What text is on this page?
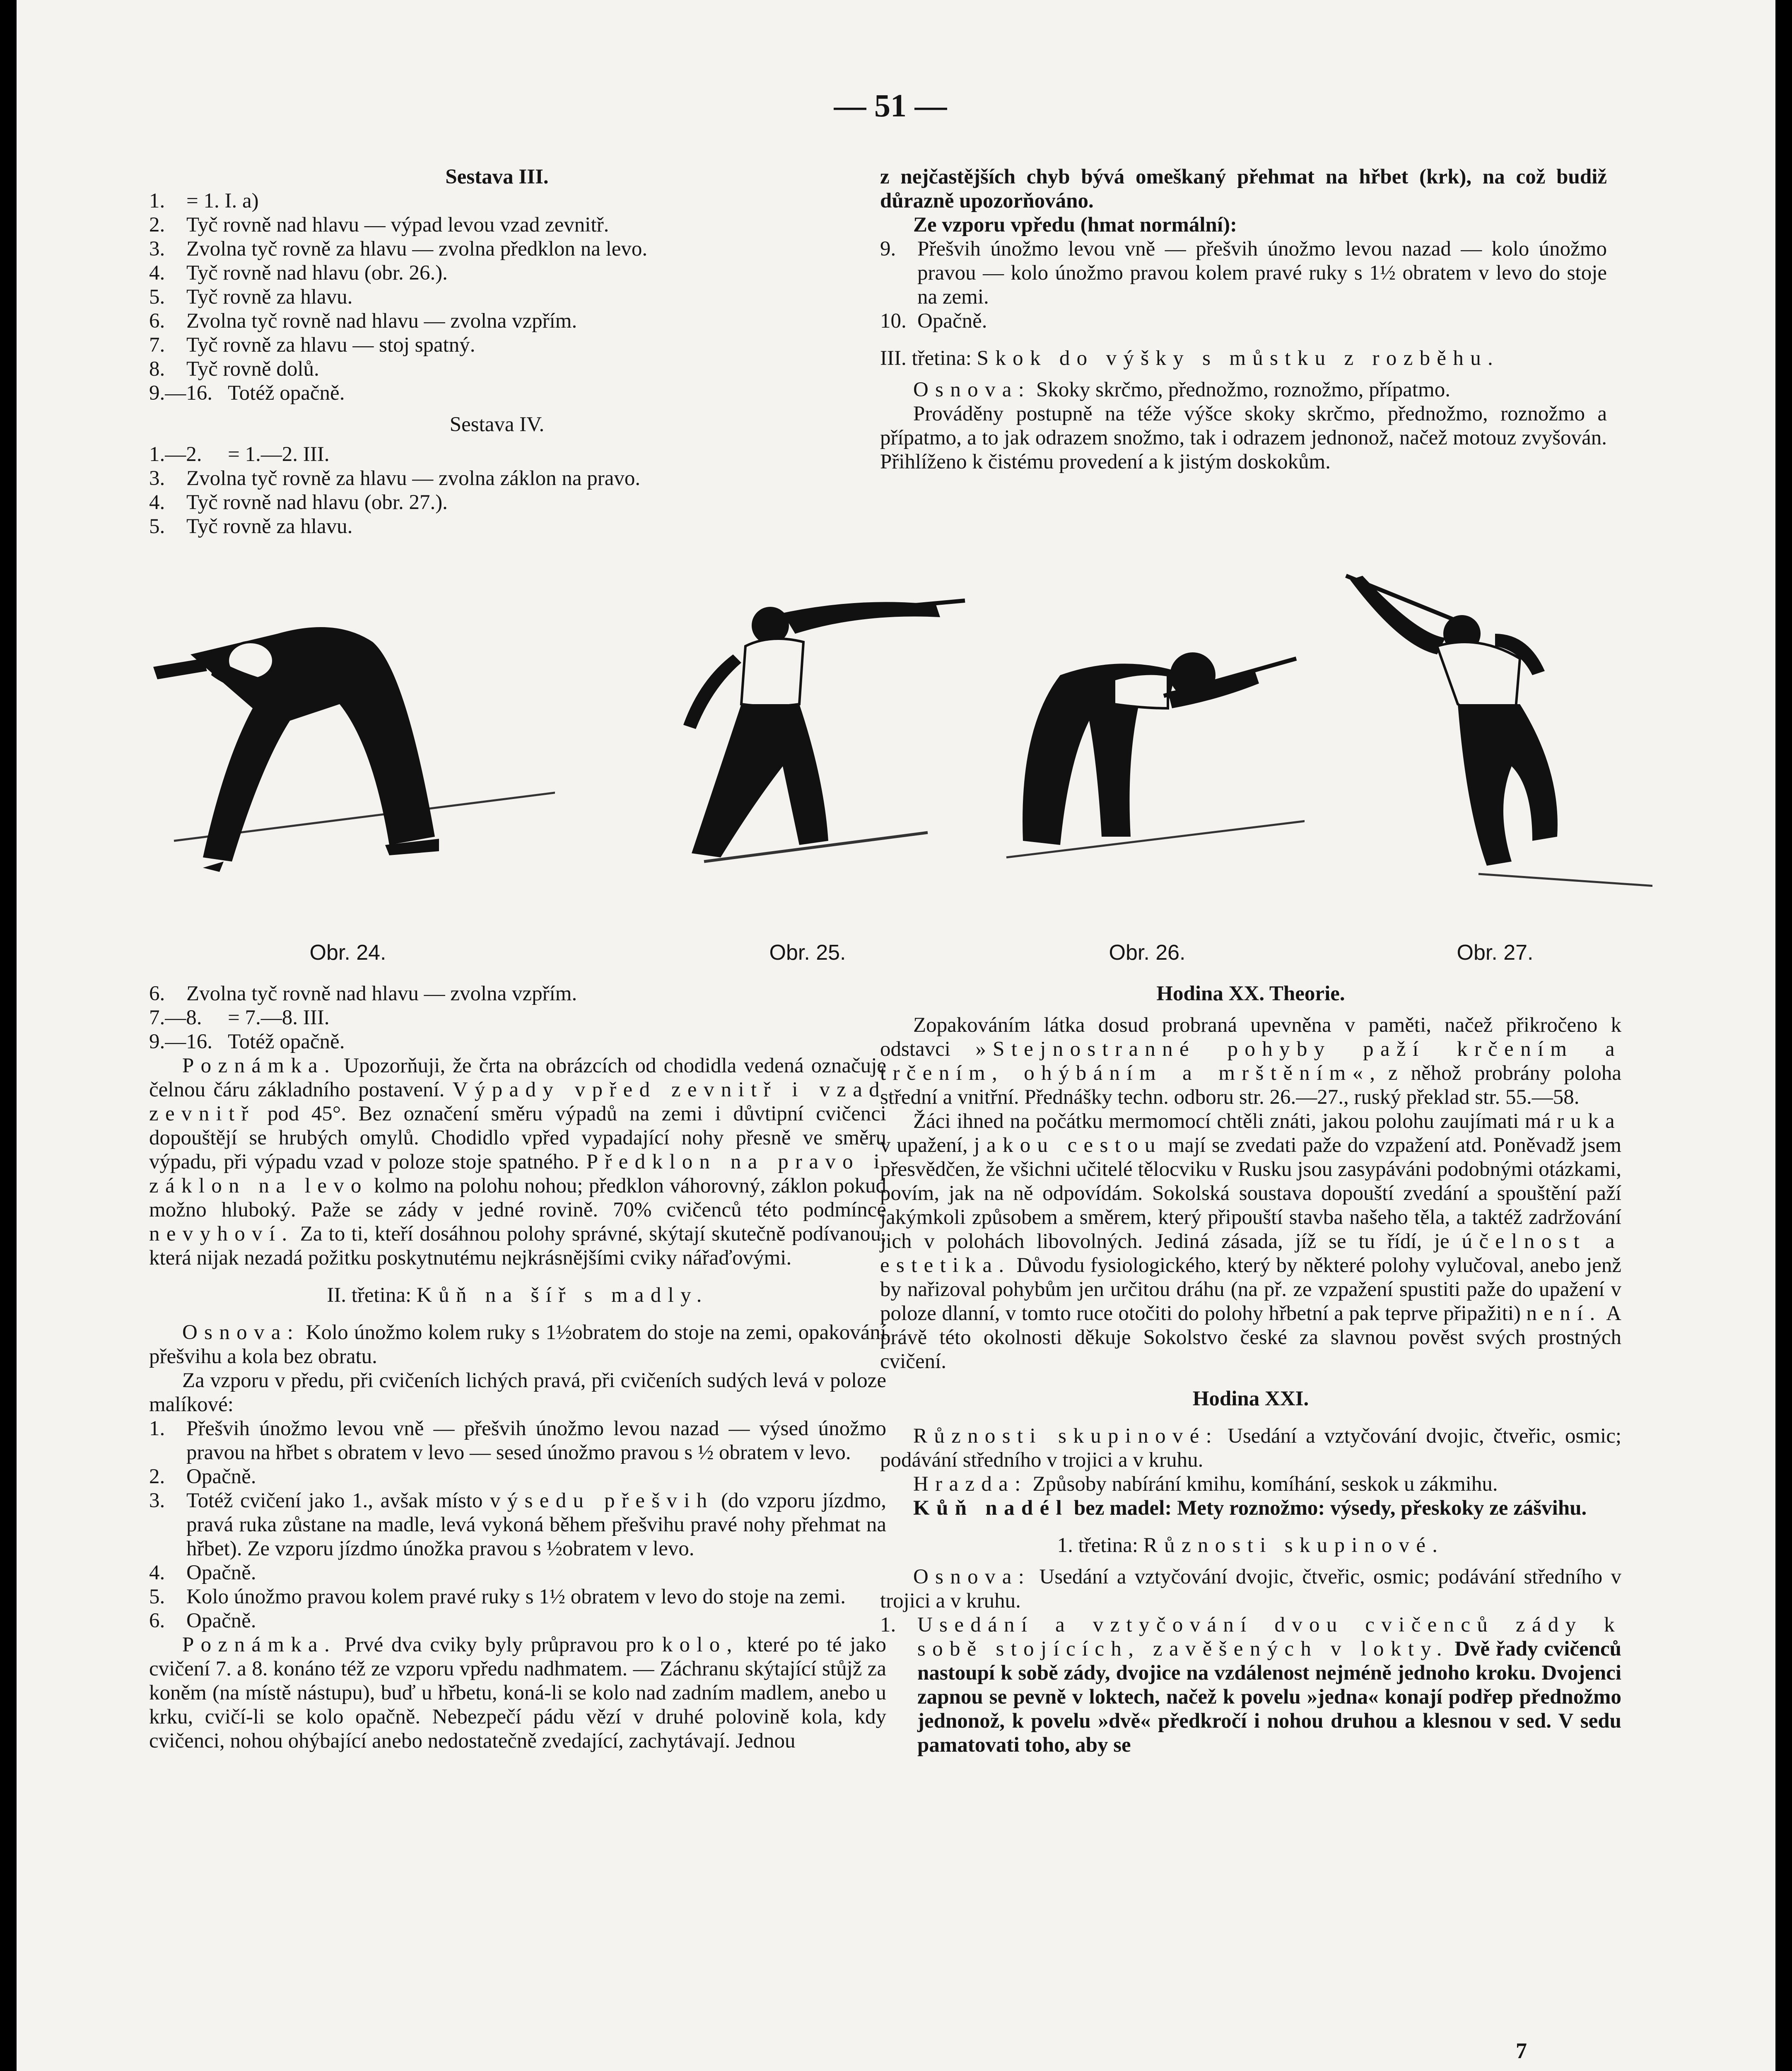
— 51 —

Sestava III.

1.	= 1. I. a)
2.	Tyč rovně nad hlavu — výpad levou vzad zevnitř.
3.	Zvolna tyč rovně za hlavu — zvolna předklon na levo.
4.	Tyč rovně nad hlavu (obr. 26.).
5.	Tyč rovně za hlavu.
6.	Zvolna tyč rovně nad hlavu — zvolna vzpřím.
7.	Tyč rovně za hlavu — stoj spatný.
8.	Tyč rovně dolů.
9.—16. Totéž opačně.

Sestava IV.

1.—2.	= 1.—2. III.
3.	Zvolna tyč rovně za hlavu — zvolna záklon na pravo.
4.	Tyč rovně nad hlavu (obr. 27.).
5.	Tyč rovně za hlavu.

z nejčastějších chyb bývá omeškaný přehmat na hřbet (krk), na což budiž důrazně upozorňováno.

Ze vzporu vpředu (hmat normální):

9.	Přešvih únožmo levou vně — přešvih únožmo levou nazad — kolo únožmo pravou — kolo únožmo pravou kolem pravé ruky s 1½ obratem v levo do stoje na zemi.
10. Opačně.

III. třetina: Skok do výšky s můstku z rozběhu.

Osnova: Skoky skrčmo, přednožmo, roznožmo, přípatmo.

Prováděny postupně na téže výšce skoky skrčmo, přednožmo, roznožmo a přípatmo, a to jak odrazem snožmo, tak i odrazem jednonož, načež motouz zvyšován. Přihlíženo k čistému provedení a k jistým doskokům.

Obr. 24.	Obr. 25.	Obr. 26.	Obr. 27.
6.	Zvolna tyč rovně nad hlavu — zvolna vzpřím.
7.—8.	= 7.—8. III.
9.—16. Totéž opačně.

Poznámka. Upozorňuji, že črta na obrázcích od chodidla vedená označuje čelnou čáru základního postavení. Výpady vpřed zevnitř i vzad zevnitř pod 45°. Bez označení směru výpadů na zemi i důvtipní cvičenci dopouštějí se hrubých omylů. Chodidlo vpřed vypadající nohy přesně ve směru výpadu, při výpadu vzad v poloze stoje spatného. Předklon na pravo i záklon na levo kolmo na polohu nohou; předklon váhorovný, záklon pokud možno hluboký. Paže se zády v jedné rovině. 70% cvičenců této podmínce nevyhoví. Za to ti, kteří dosáhnou polohy správné, skýtají skutečně podívanou, která nijak nezadá požitku poskytnutému nejkrásnějšími cviky nářaďovými.

II. třetina: Kůň na šíř s madly.

Osnova: Kolo únožmo kolem ruky s 1½obratem do stoje na zemi, opakování přešvihu a kola bez obratu.

Za vzporu v předu, při cvičeních lichých pravá, při cvičeních sudých levá v poloze malíkové:

1.	Přešvih únožmo levou vně — přešvih únožmo levou nazad — výsed únožmo pravou na hřbet s obratem v levo — sesed únožmo pravou s ½ obratem v levo.
2.	Opačně.
3.	Totéž cvičení jako 1., avšak místo výsedu přešvih (do vzporu jízdmo, pravá ruka zůstane na madle, levá vykoná během přešvihu pravé nohy přehmat na hřbet). Ze vzporu jízdmo únožka pravou s ½obratem v levo.
4.	Opačně.
5.	Kolo únožmo pravou kolem pravé ruky s 1½ obratem v levo do stoje na zemi.
6.	Opačně.

Poznámka. Prvé dva cviky byly průpravou pro kolo, které po té jako cvičení 7. a 8. konáno též ze vzporu vpředu nadhmatem. — Záchranu skýtající stůjž za koněm (na místě nástupu), buď u hřbetu, koná-li se kolo nad zadním madlem, anebo u krku, cvičí-li se kolo opačně. Nebezpečí pádu vězí v druhé polovině kola, kdy cvičenci, nohou ohýbající anebo nedostatečně zvedající, zachytávají. Jednou

Hodina XX. Theorie.

Zopakováním látka dosud probraná upevněna v paměti, načež přikročeno k odstavci »Stejnostranné pohyby paží krčením a trčením, ohýbáním a mrštěním«, z něhož probrány poloha střední a vnitřní. Přednášky techn. odboru str. 26.—27., ruský překlad str. 55.—58.

Žáci ihned na počátku mermomocí chtěli znáti, jakou polohu zaujímati má ruka v upažení, jakou cestou mají se zvedati paže do vzpažení atd. Poněvadž jsem přesvědčen, že všichni učitelé tělocviku v Rusku jsou zasypáváni podobnými otázkami, povím, jak na ně odpovídám. Sokolská soustava dopouští zvedání a spouštění paží jakýmkoli způsobem a směrem, který připouští stavba našeho těla, a taktéž zadržování jich v polohách libovolných. Jediná zásada, jíž se tu řídí, je účelnost a estetika. Důvodu fysiologického, který by některé polohy vylučoval, anebo jenž by nařizoval pohybům jen určitou dráhu (na př. ze vzpažení spustiti paže do upažení v poloze dlanní, v tomto ruce otočiti do polohy hřbetní a pak teprve připažiti) není. A právě této okolnosti děkuje Sokolstvo české za slavnou pověst svých prostných cvičení.

Hodina XXI.

Různosti skupinové: Usedání a vztyčování dvojic, čtveřic, osmic; podávání středního v trojici a v kruhu.

Hrazda: Způsoby nabírání kmihu, komíhání, seskok u zákmihu.

Kůň nadél bez madel: Mety roznožmo: výsedy, přeskoky ze zášvihu.

1. třetina: Různosti skupinové.

Osnova: Usedání a vztyčování dvojic, čtveřic, osmic; podávání středního v trojici a v kruhu.

1.	Usedání a vztyčování dvou cvičenců zády k sobě stojících, zavěšených v lokty. Dvě řady cvičenců nastoupí k sobě zády, dvojice na vzdálenost nejméně jednoho kroku. Dvojenci zapnou se pevně v loktech, načež k povelu »jedna« konají podřep přednožmo jednonož, k povelu »dvě« předkročí i nohou druhou a klesnou v sed. V sedu pamatovati toho, aby se
7
